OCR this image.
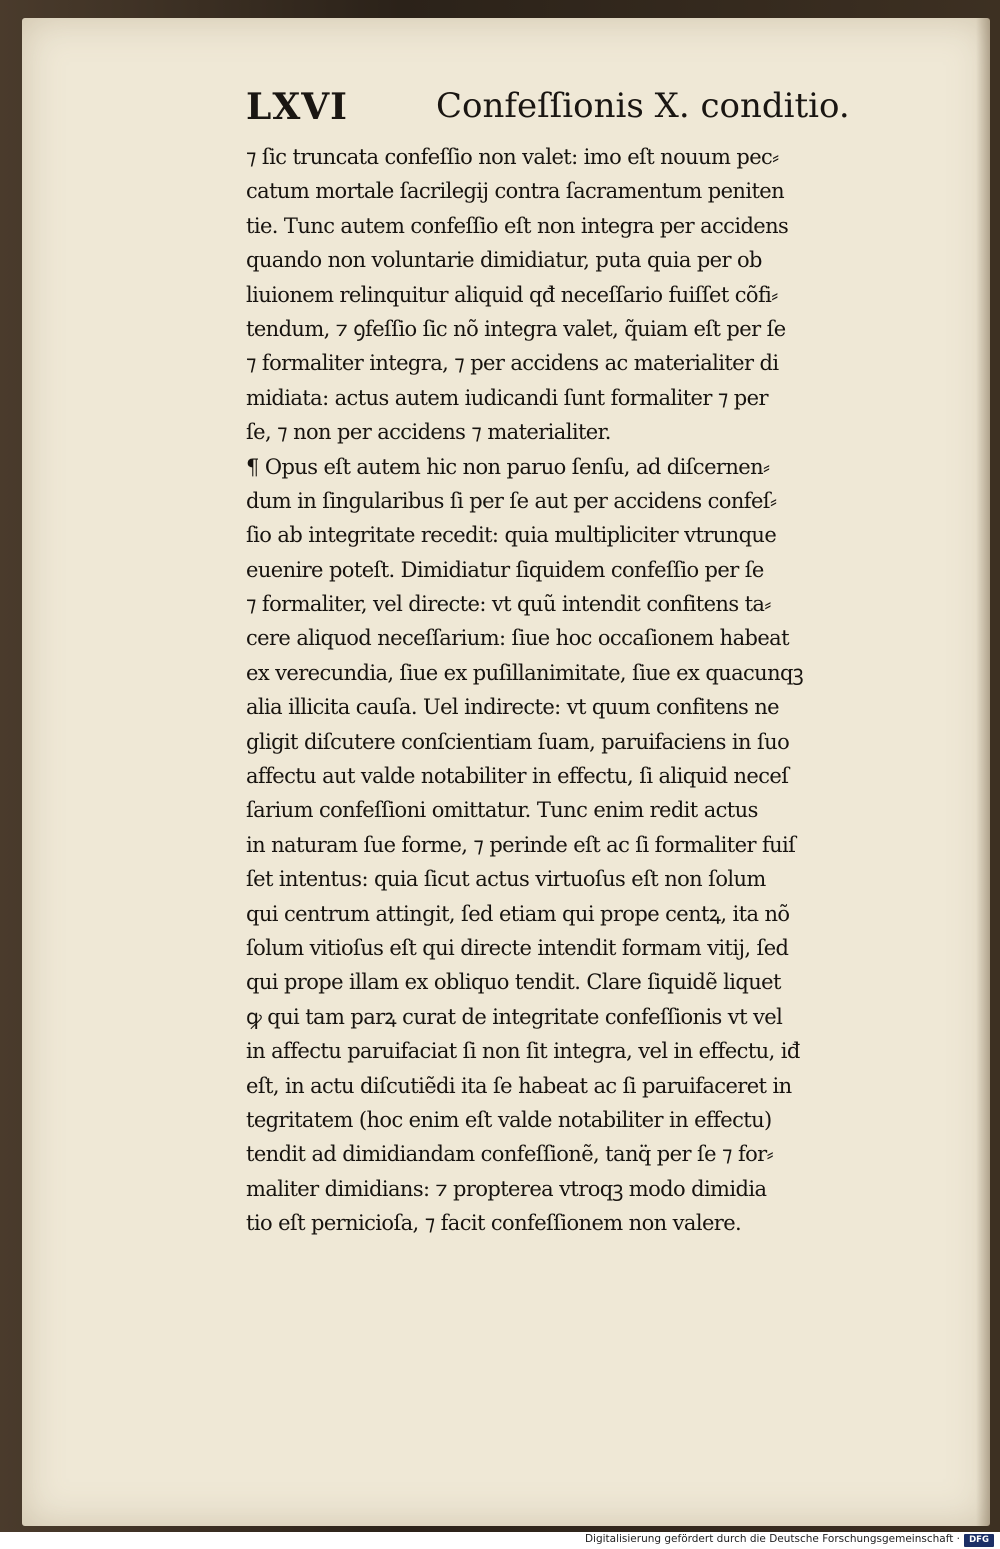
LXVI	Confeſſionis X. conditio.
⁊ ſic truncata confeſſio non valet: imo eſt nouum pec⸗
catum mortale ſacrilegij contra ſacramentum peniten
tie. Tunc autem confeſſio eſt non integra per accidens
quando non voluntarie dimidiatur, puta quia per ob
liuionem relinquitur aliquid qđ neceſſario fuiſſet cõfi⸗
tendum, ⁊ ꝯfeſſio ſic nõ integra valet, q̃uiam eſt per ſe
⁊ formaliter integra, ⁊ per accidens ac materialiter di
midiata: actus autem iudicandi ſunt formaliter ⁊ per
ſe, ⁊ non per accidens ⁊ materialiter.
¶ Opus eſt autem hic non paruo ſenſu, ad diſcernen⸗
dum in ſingularibus ſi per ſe aut per accidens confeſ⸗
ſio ab integritate recedit: quia multipliciter vtrunque
euenire poteſt. Dimidiatur ſiquidem confeſſio per ſe
⁊ formaliter, vel directe: vt quũ intendit confitens ta⸗
cere aliquod neceſſarium: ſiue hoc occaſionem habeat
ex verecundia, ſiue ex puſillanimitate, ſiue ex quacunqꝫ
alia illicita cauſa. Uel indirecte: vt quum confitens ne
gligit diſcutere conſcientiam ſuam, paruifaciens in ſuo
affectu aut valde notabiliter in effectu, ſi aliquid neceſ
ſarium confeſſioni omittatur. Tunc enim redit actus
in naturam ſue forme, ⁊ perinde eſt ac ſi formaliter fuiſ
ſet intentus: quia ſicut actus virtuoſus eſt non ſolum
qui centrum attingit, ſed etiam qui prope centꝝ, ita nõ
ſolum vitioſus eſt qui directe intendit formam vitij, ſed
qui prope illam ex obliquo tendit. Clare ſiquidẽ liquet
ꝙ qui tam parꝝ curat de integritate confeſſionis vt vel
in affectu paruifaciat ſi non ſit integra, vel in effectu, iđ
eſt, in actu diſcutiẽdi ita ſe habeat ac ſi paruifaceret in
tegritatem (hoc enim eſt valde notabiliter in effectu)
tendit ad dimidiandam confeſſionẽ, tanq̈ per ſe ⁊ for⸗
maliter dimidians: ⁊ propterea vtroqꝫ modo dimidia
tio eſt pernicioſa, ⁊ facit confeſſionem non valere.
Digitalisierung gefördert durch die Deutsche Forschungsgemeinschaft ·	DFG
